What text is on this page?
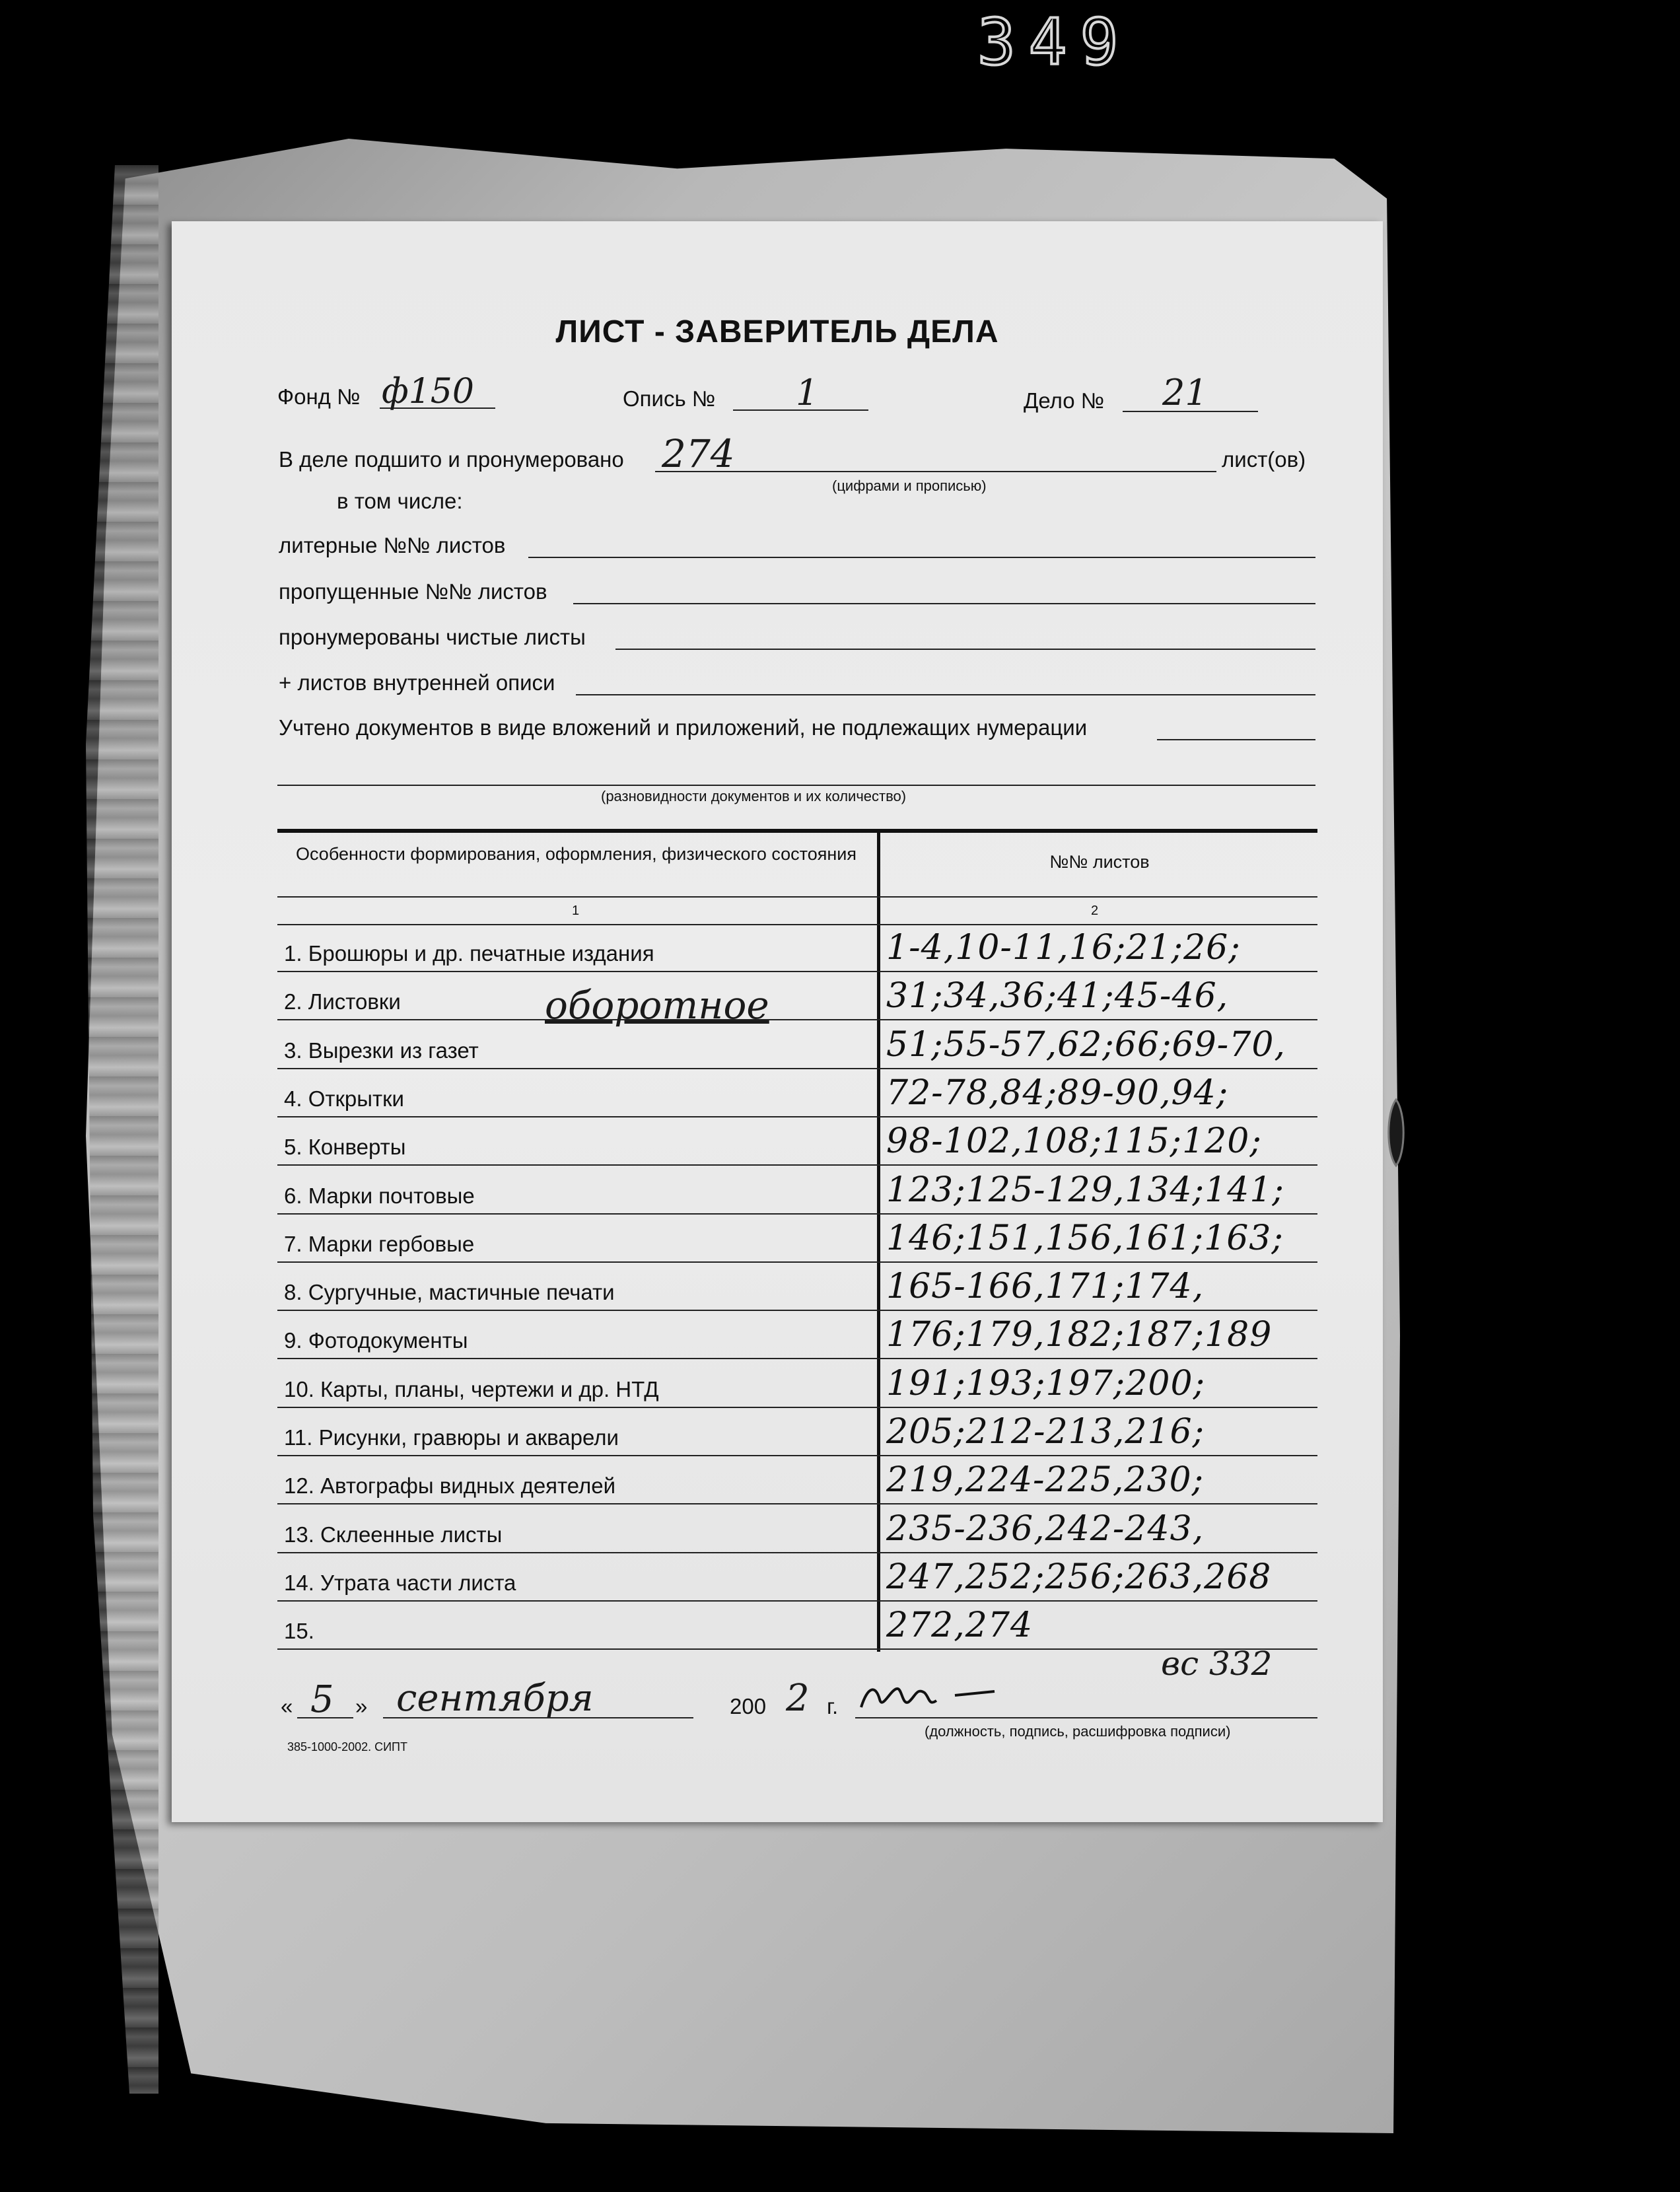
349
ЛИСТ - ЗАВЕРИТЕЛЬ ДЕЛА
Фонд № ф150	Опись № 1	Дело № 21
В деле подшито и пронумеровано 274	лист(ов)
(цифрами и прописью)
в том числе:
литерные №№ листов
пропущенные №№ листов
пронумерованы чистые листы
+ листов внутренней описи
Учтено документов в виде вложений и приложений, не подлежащих нумерации
(разновидности документов и их количество)
Особенности формирования, оформления, физического состояния	№№ листов
1	2
1. Брошюры и др. печатные издания	1-4,10-11,16;21;26;
2. Листовки	31;34,36;41;45-46,
3. Вырезки из газет	51;55-57,62;66;69-70,
4. Открытки	72-78,84;89-90,94;
5. Конверты	98-102,108;115;120;
6. Марки почтовые	123;125-129,134;141;
7. Марки гербовые	146;151,156,161;163;
8. Сургучные, мастичные печати	165-166,171;174,
9. Фотодокументы	176;179,182;187;189
10. Карты, планы, чертежи и др. НТД	191;193;197;200;
11. Рисунки, гравюры и акварели	205;212-213,216;
12. Автографы видных деятелей	219,224-225,230;
13. Склеенные листы	235-236,242-243,
14. Утрата части листа	247,252;256;263,268
15.	272,274
оборотное
вс 332
« 5 » сентября	200 2 г.
(должность, подпись, расшифровка подписи)
385-1000-2002. СИПТ
